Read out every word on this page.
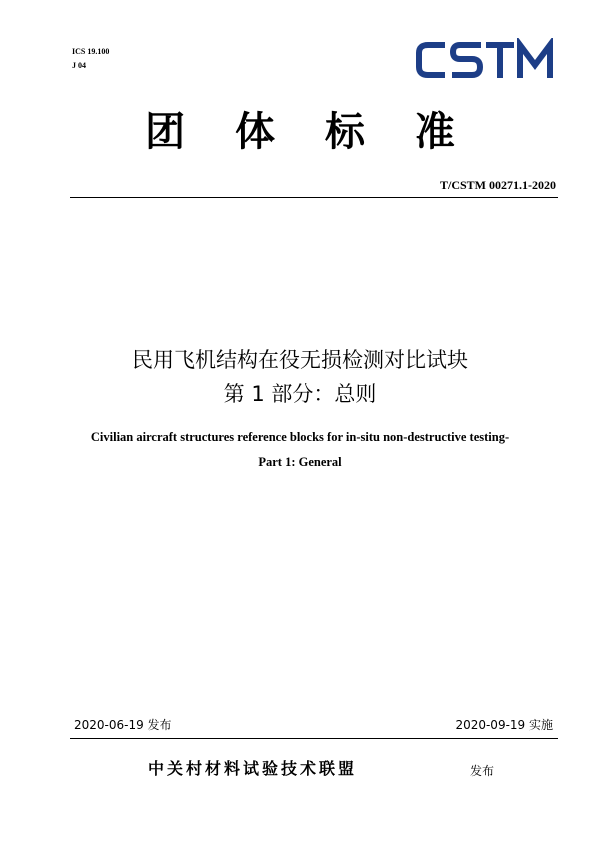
ICS 19.100
J 04
团 体 标 准
T/CSTM 00271.1-2020
民用飞机结构在役无损检测对比试块
第 1 部分：总则
Civilian aircraft structures reference blocks for in-situ non-destructive testing-
Part 1: General
2020-06-19 发布	2020-09-19 实施
中关村材料试验技术联盟	发布
